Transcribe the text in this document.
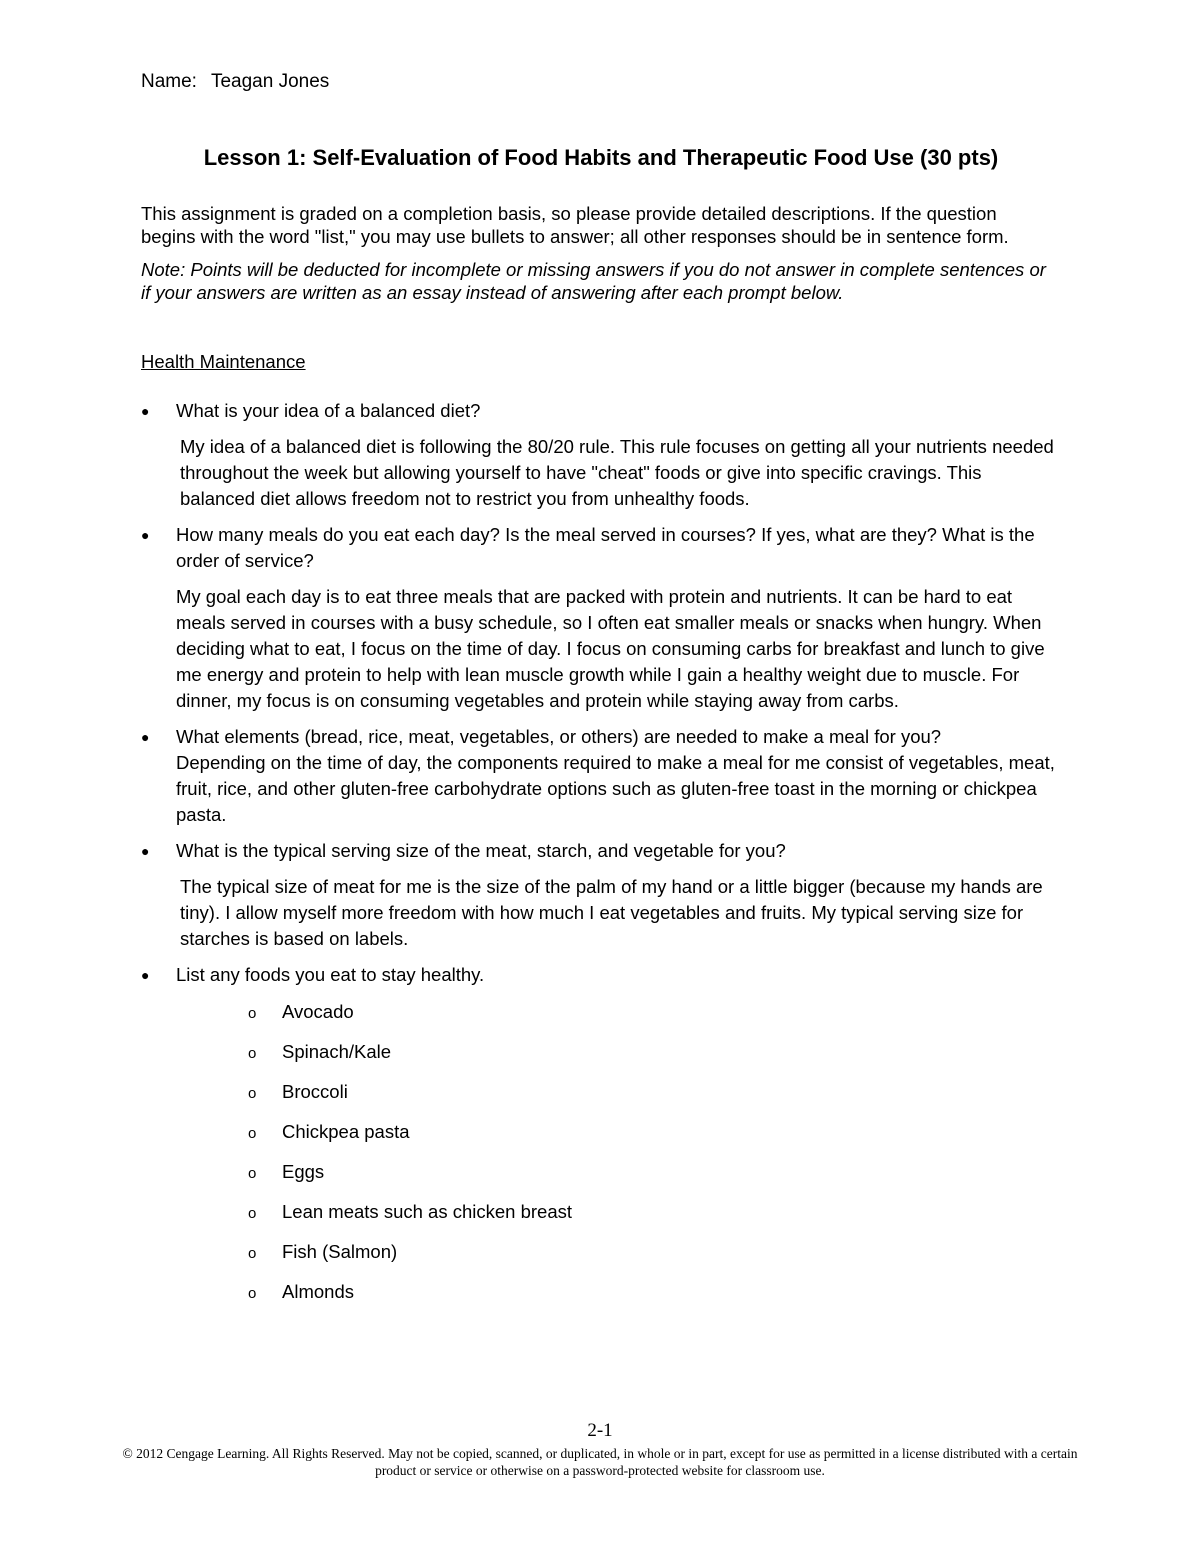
Name: Teagan Jones
Lesson 1: Self-Evaluation of Food Habits and Therapeutic Food Use (30 pts)
This assignment is graded on a completion basis, so please provide detailed descriptions. If the question begins with the word "list," you may use bullets to answer; all other responses should be in sentence form.
Note: Points will be deducted for incomplete or missing answers if you do not answer in complete sentences or if your answers are written as an essay instead of answering after each prompt below.
Health Maintenance
● What is your idea of a balanced diet?
My idea of a balanced diet is following the 80/20 rule. This rule focuses on getting all your nutrients needed throughout the week but allowing yourself to have "cheat" foods or give into specific cravings. This balanced diet allows freedom not to restrict you from unhealthy foods.
● How many meals do you eat each day? Is the meal served in courses? If yes, what are they? What is the order of service?
My goal each day is to eat three meals that are packed with protein and nutrients. It can be hard to eat meals served in courses with a busy schedule, so I often eat smaller meals or snacks when hungry. When deciding what to eat, I focus on the time of day. I focus on consuming carbs for breakfast and lunch to give me energy and protein to help with lean muscle growth while I gain a healthy weight due to muscle. For dinner, my focus is on consuming vegetables and protein while staying away from carbs.
● What elements (bread, rice, meat, vegetables, or others) are needed to make a meal for you?
Depending on the time of day, the components required to make a meal for me consist of vegetables, meat, fruit, rice, and other gluten-free carbohydrate options such as gluten-free toast in the morning or chickpea pasta.
● What is the typical serving size of the meat, starch, and vegetable for you?
The typical size of meat for me is the size of the palm of my hand or a little bigger (because my hands are tiny). I allow myself more freedom with how much I eat vegetables and fruits. My typical serving size for starches is based on labels.
● List any foods you eat to stay healthy.
o Avocado
o Spinach/Kale
o Broccoli
o Chickpea pasta
o Eggs
o Lean meats such as chicken breast
o Fish (Salmon)
o Almonds
2-1
© 2012 Cengage Learning. All Rights Reserved. May not be copied, scanned, or duplicated, in whole or in part, except for use as permitted in a license distributed with a certain product or service or otherwise on a password-protected website for classroom use.
